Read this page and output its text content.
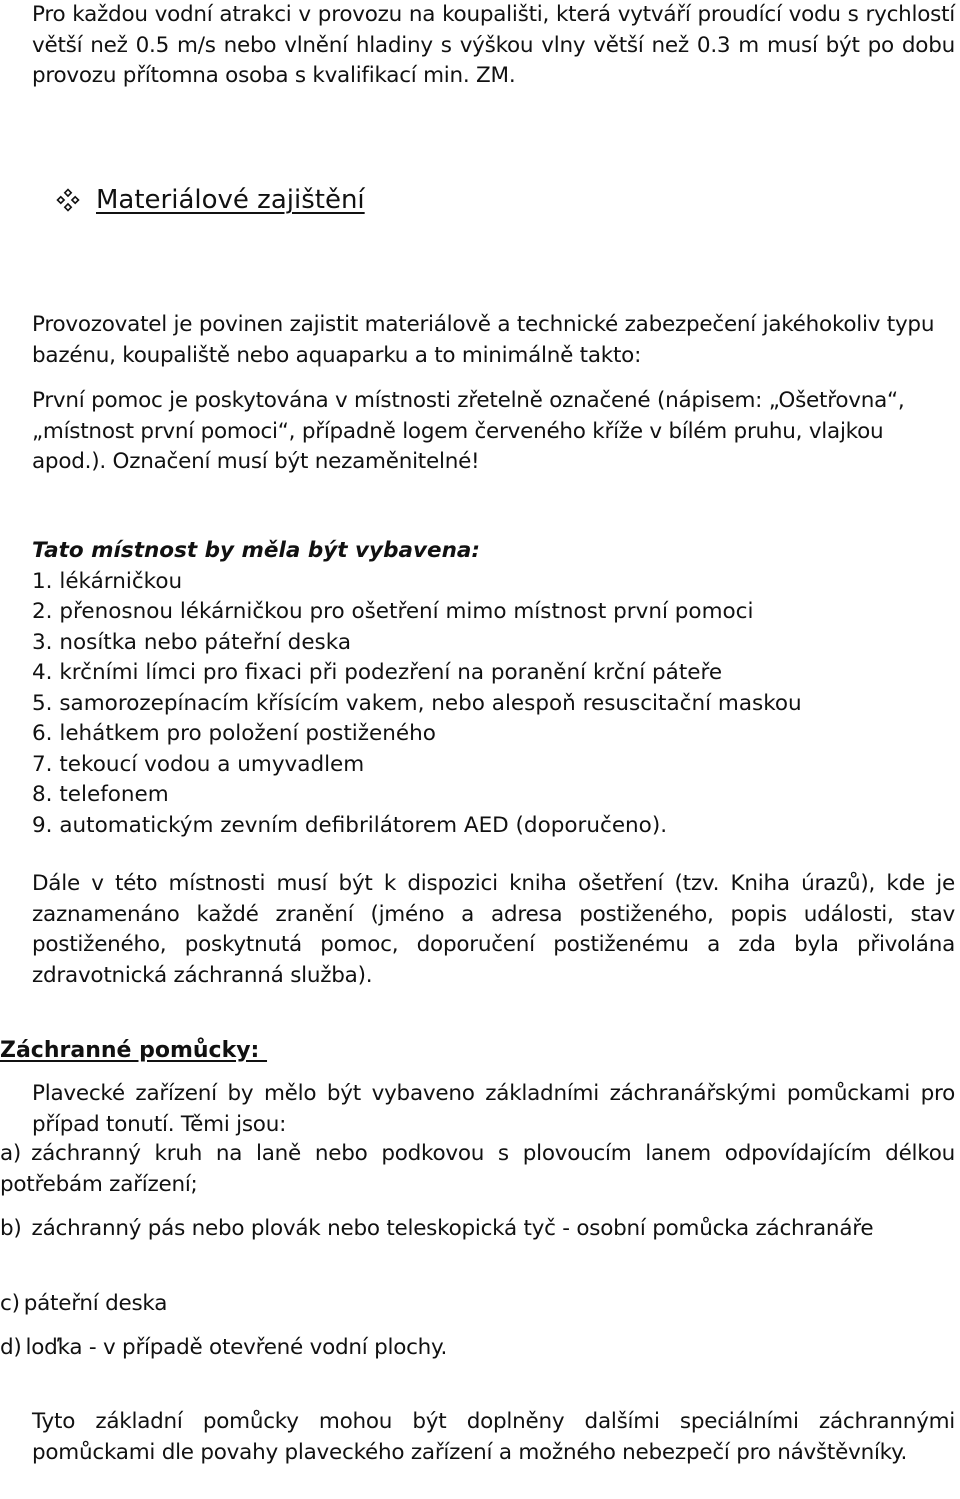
Pro každou vodní atrakci v provozu na koupališti, která vytváří proudící vodu s rychlostí větší než 0.5 m/s nebo vlnění hladiny s výškou vlny větší než 0.3 m musí být po dobu provozu přítomna osoba s kvalifikací min. ZM.

Materiálové zajištění

Provozovatel je povinen zajistit materiálově a technické zabezpečení jakéhokoliv typu bazénu, koupaliště nebo aquaparku a to minimálně takto:

První pomoc je poskytována v místnosti zřetelně označené (nápisem: „Ošetřovna“, „místnost první pomoci“, případně logem červeného kříže v bílém pruhu, vlajkou apod.). Označení musí být nezaměnitelné!

Tato místnost by měla být vybavena:
1. lékárničkou
2. přenosnou lékárničkou pro ošetření mimo místnost první pomoci
3. nosítka nebo páteřní deska
4. krčními límci pro fixaci při podezření na poranění krční páteře
5. samorozepínacím křísícím vakem, nebo alespoň resuscitační maskou
6. lehátkem pro položení postiženého
7. tekoucí vodou a umyvadlem
8. telefonem
9. automatickým zevním defibrilátorem AED (doporučeno).

Dále v této místnosti musí být k dispozici kniha ošetření (tzv. Kniha úrazů), kde je zaznamenáno každé zranění (jméno a adresa postiženého, popis události, stav postiženého, poskytnutá pomoc, doporučení postiženému a zda byla přivolána zdravotnická záchranná služba).

Záchranné pomůcky:

Plavecké zařízení by mělo být vybaveno základními záchranářskými pomůckami pro případ tonutí. Těmi jsou:

a) záchranný kruh na laně nebo podkovou s plovoucím lanem odpovídajícím délkou potřebám zařízení;

b) záchranný pás nebo plovák nebo teleskopická tyč - osobní pomůcka záchranáře

c) páteřní deska

d) loďka - v případě otevřené vodní plochy.

Tyto základní pomůcky mohou být doplněny dalšími speciálními záchrannými pomůckami dle povahy plaveckého zařízení a možného nebezpečí pro návštěvníky.
